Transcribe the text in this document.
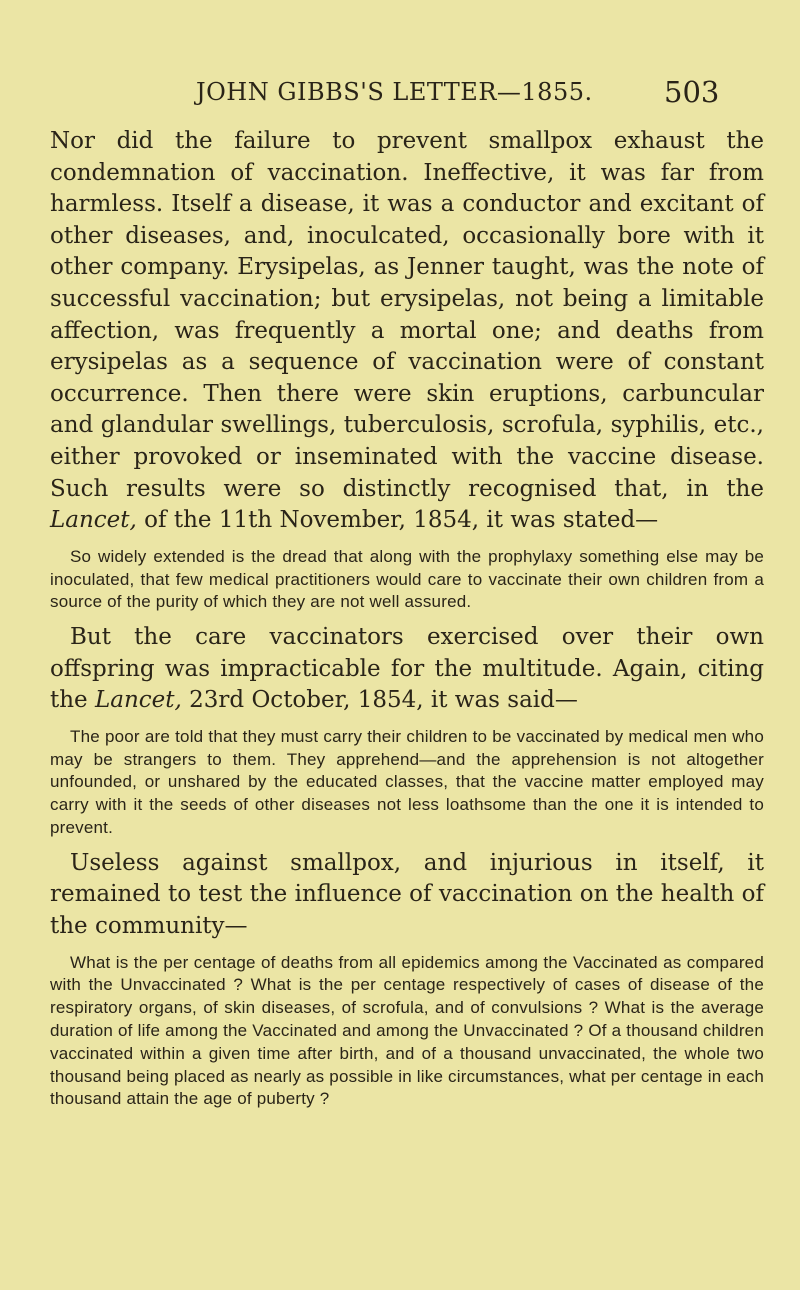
JOHN GIBBS'S LETTER—1855. 503

Nor did the failure to prevent smallpox exhaust the condemnation of vaccination. Ineffective, it was far from harmless. Itself a disease, it was a conductor and excitant of other diseases, and, inoculcated, occasionally bore with it other company. Erysipelas, as Jenner taught, was the note of successful vaccination; but erysipelas, not being a limitable affection, was frequently a mortal one; and deaths from erysipelas as a sequence of vaccination were of constant occurrence. Then there were skin eruptions, carbuncular and glandular swellings, tuberculosis, scrofula, syphilis, etc., either provoked or inseminated with the vaccine disease. Such results were so distinctly recognised that, in the Lancet, of the 11th November, 1854, it was stated—

So widely extended is the dread that along with the prophylaxy something else may be inoculated, that few medical practitioners would care to vaccinate their own children from a source of the purity of which they are not well assured.

But the care vaccinators exercised over their own offspring was impracticable for the multitude. Again, citing the Lancet, 23rd October, 1854, it was said—

The poor are told that they must carry their children to be vaccinated by medical men who may be strangers to them. They apprehend—and the apprehension is not altogether unfounded, or unshared by the educated classes, that the vaccine matter employed may carry with it the seeds of other diseases not less loathsome than the one it is intended to prevent.

Useless against smallpox, and injurious in itself, it remained to test the influence of vaccination on the health of the community—

What is the per centage of deaths from all epidemics among the Vaccinated as compared with the Unvaccinated ? What is the per centage respectively of cases of disease of the respiratory organs, of skin diseases, of scrofula, and of convulsions ? What is the average duration of life among the Vaccinated and among the Unvaccinated ? Of a thousand children vaccinated within a given time after birth, and of a thousand unvaccinated, the whole two thousand being placed as nearly as possible in like circumstances, what per centage in each thousand attain the age of puberty ?
